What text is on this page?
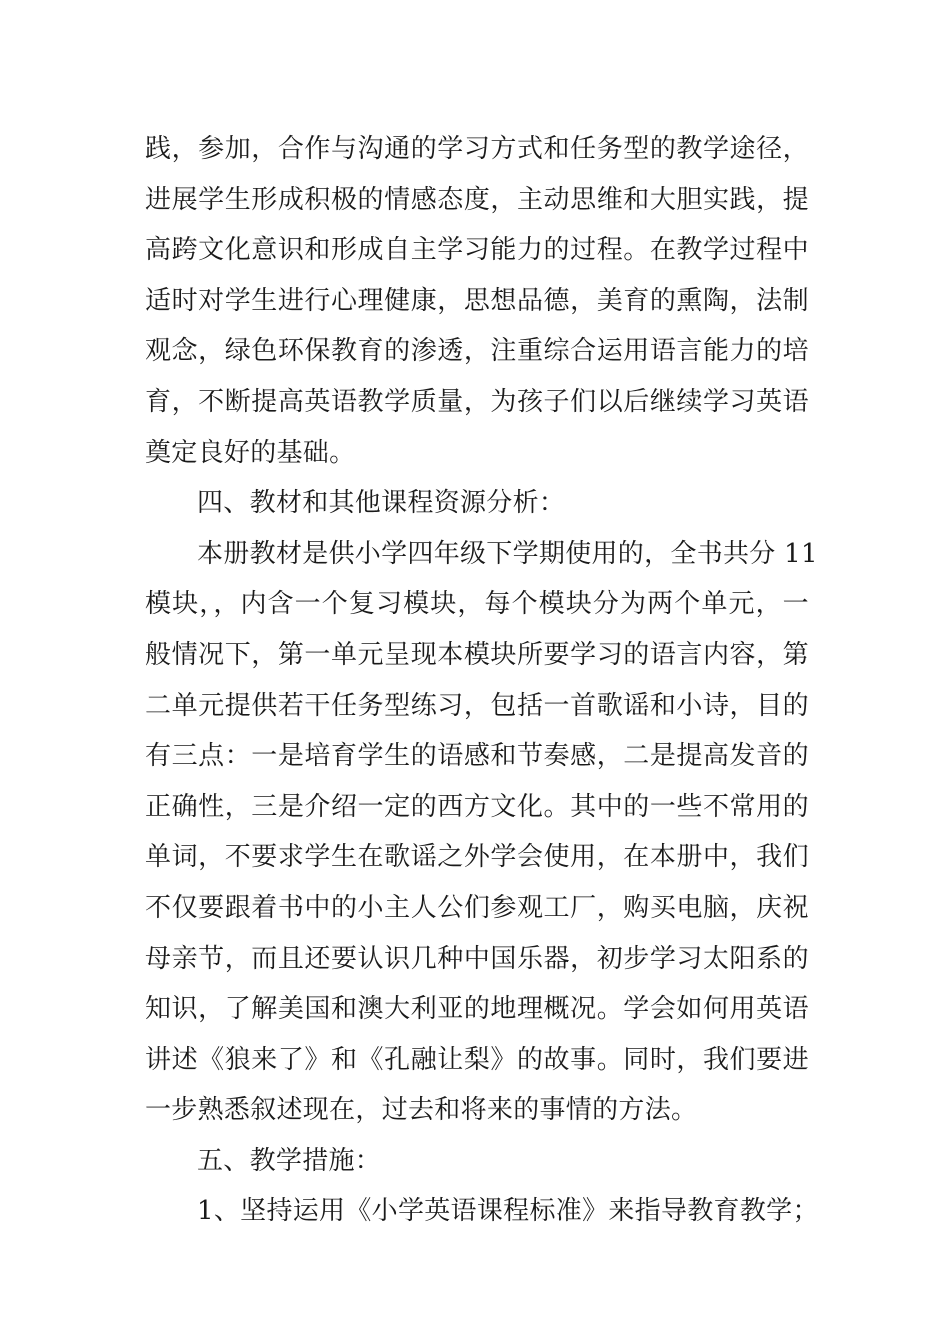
践，参加，合作与沟通的学习方式和任务型的教学途径，
进展学生形成积极的情感态度，主动思维和大胆实践，提
高跨文化意识和形成自主学习能力的过程。在教学过程中
适时对学生进行心理健康，思想品德，美育的熏陶，法制
观念，绿色环保教育的渗透，注重综合运用语言能力的培
育，不断提高英语教学质量，为孩子们以后继续学习英语
奠定良好的基础。
四、教材和其他课程资源分析：
本册教材是供小学四年级下学期使用的，全书共分 11
模块，，内含一个复习模块，每个模块分为两个单元，一
般情况下，第一单元呈现本模块所要学习的语言内容，第
二单元提供若干任务型练习，包括一首歌谣和小诗，目的
有三点：一是培育学生的语感和节奏感，二是提高发音的
正确性，三是介绍一定的西方文化。其中的一些不常用的
单词，不要求学生在歌谣之外学会使用，在本册中，我们
不仅要跟着书中的小主人公们参观工厂，购买电脑，庆祝
母亲节，而且还要认识几种中国乐器，初步学习太阳系的
知识，了解美国和澳大利亚的地理概况。学会如何用英语
讲述《狼来了》和《孔融让梨》的故事。同时，我们要进
一步熟悉叙述现在，过去和将来的事情的方法。
五、教学措施：
1、坚持运用《小学英语课程标准》来指导教育教学；
